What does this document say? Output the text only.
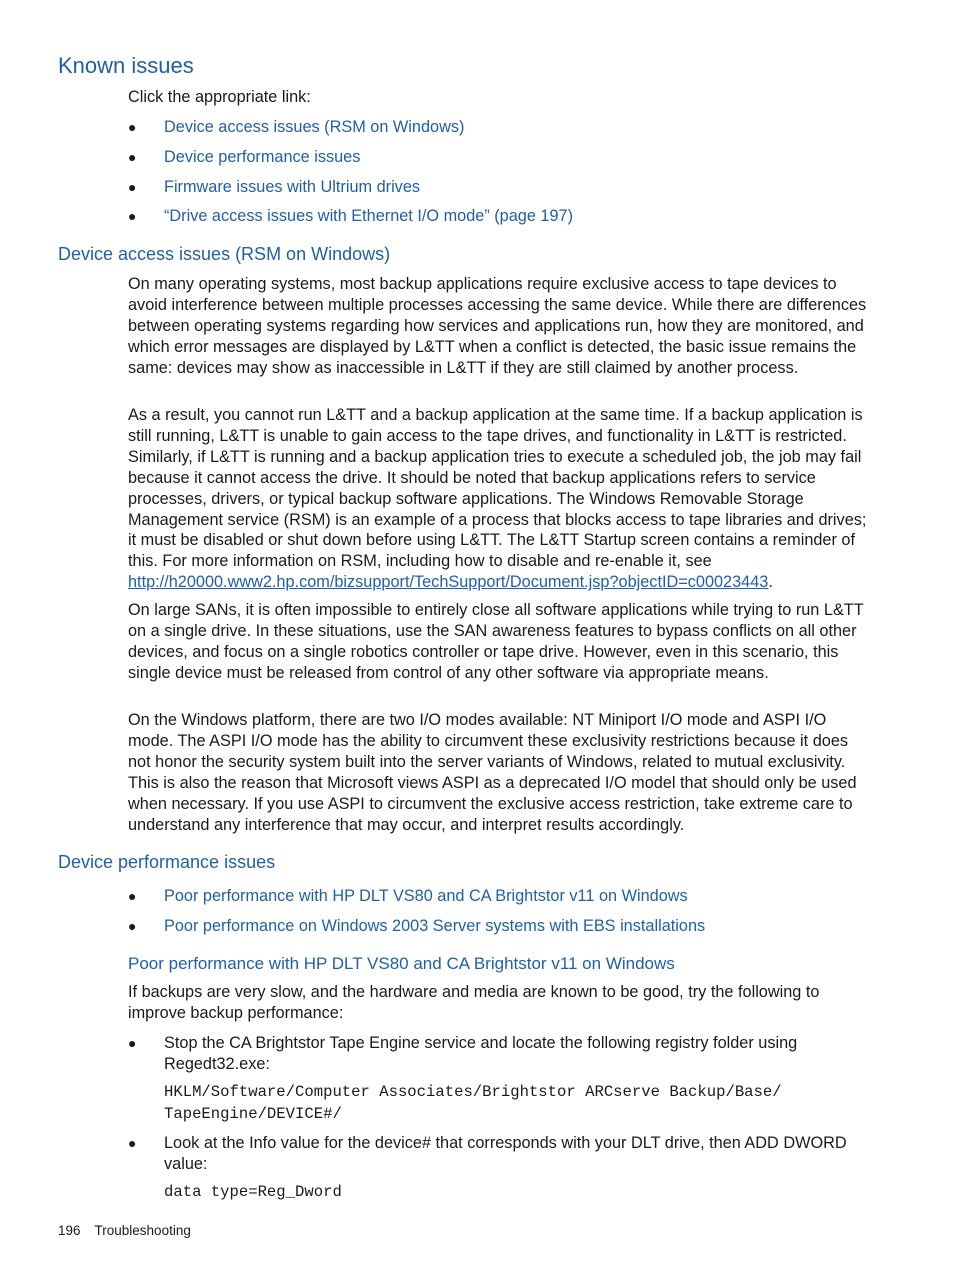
Known issues

Click the appropriate link:

● Device access issues (RSM on Windows)
● Device performance issues
● Firmware issues with Ultrium drives
● “Drive access issues with Ethernet I/O mode” (page 197)
Device access issues (RSM on Windows)

On many operating systems, most backup applications require exclusive access to tape devices to avoid interference between multiple processes accessing the same device. While there are differences between operating systems regarding how services and applications run, how they are monitored, and which error messages are displayed by L&TT when a conflict is detected, the basic issue remains the same: devices may show as inaccessible in L&TT if they are still claimed by another process.

As a result, you cannot run L&TT and a backup application at the same time. If a backup application is still running, L&TT is unable to gain access to the tape drives, and functionality in L&TT is restricted. Similarly, if L&TT is running and a backup application tries to execute a scheduled job, the job may fail because it cannot access the drive. It should be noted that backup applications refers to service processes, drivers, or typical backup software applications. The Windows Removable Storage Management service (RSM) is an example of a process that blocks access to tape libraries and drives; it must be disabled or shut down before using L&TT. The L&TT Startup screen contains a reminder of this. For more information on RSM, including how to disable and re-enable it, see http://h20000.www2.hp.com/bizsupport/TechSupport/Document.jsp?objectID=c00023443.

On large SANs, it is often impossible to entirely close all software applications while trying to run L&TT on a single drive. In these situations, use the SAN awareness features to bypass conflicts on all other devices, and focus on a single robotics controller or tape drive. However, even in this scenario, this single device must be released from control of any other software via appropriate means.

On the Windows platform, there are two I/O modes available: NT Miniport I/O mode and ASPI I/O mode. The ASPI I/O mode has the ability to circumvent these exclusivity restrictions because it does not honor the security system built into the server variants of Windows, related to mutual exclusivity. This is also the reason that Microsoft views ASPI as a deprecated I/O model that should only be used when necessary. If you use ASPI to circumvent the exclusive access restriction, take extreme care to understand any interference that may occur, and interpret results accordingly.

Device performance issues
● Poor performance with HP DLT VS80 and CA Brightstor v11 on Windows
● Poor performance on Windows 2003 Server systems with EBS installations
Poor performance with HP DLT VS80 and CA Brightstor v11 on Windows

If backups are very slow, and the hardware and media are known to be good, try the following to improve backup performance:

● Stop the CA Brightstor Tape Engine service and locate the following registry folder using Regedt32.exe:
HKLM/Software/Computer Associates/Brightstor ARCserve Backup/Base/
TapeEngine/DEVICE#/
● Look at the Info value for the device# that corresponds with your DLT drive, then ADD DWORD value:
data type=Reg_Dword
196 Troubleshooting
